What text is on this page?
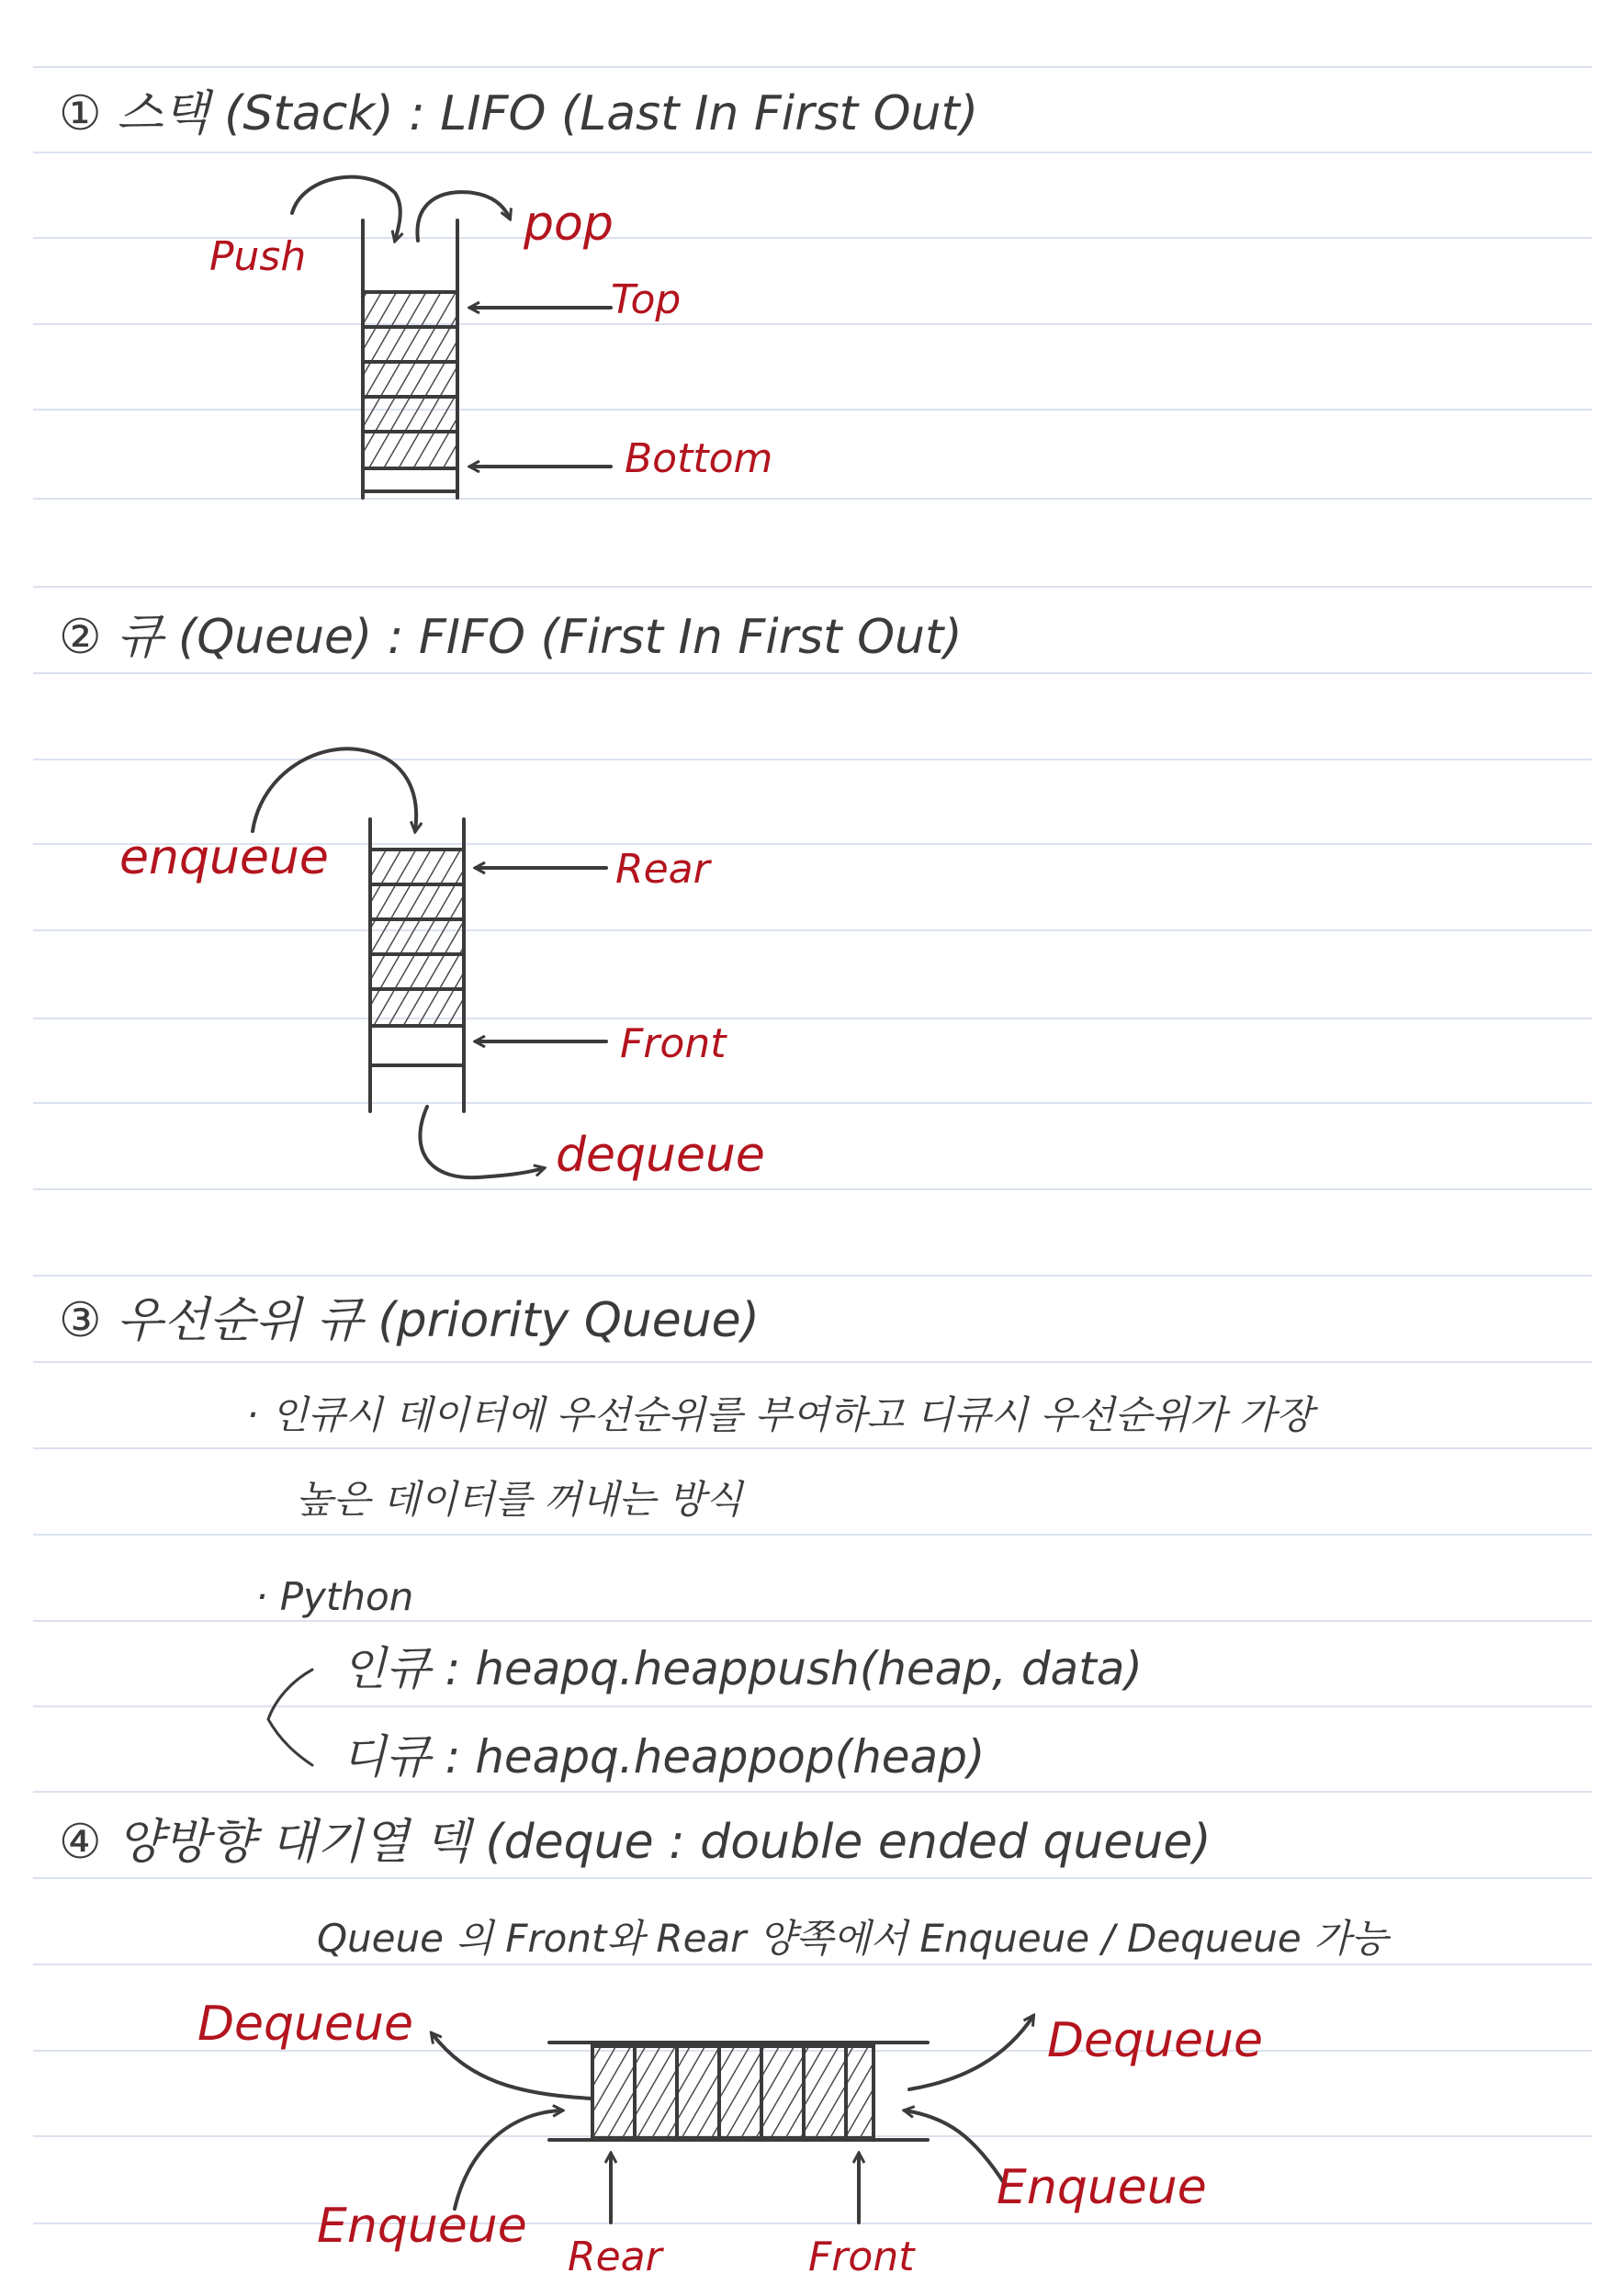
① 스택 (Stack) : LIFO (Last In First Out)
Push
pop
Top
Bottom
② 큐 (Queue) : FIFO (First In First Out)
enqueue	Rear
Front
dequeue
③ 우선순위 큐 (priority Queue)
· 인큐시 데이터에 우선순위를 부여하고 디큐시 우선순위가 가장
높은 데이터를 꺼내는 방식
· Python
인큐 : heapq.heappush(heap, data)
디큐 : heapq.heappop(heap)
④ 양방향 대기열 덱 (deque : double ended queue)
Queue 의 Front와 Rear 양쪽에서 Enqueue / Dequeue 가능
Dequeue	Dequeue
Enqueue
Enqueue
Rear	Front
